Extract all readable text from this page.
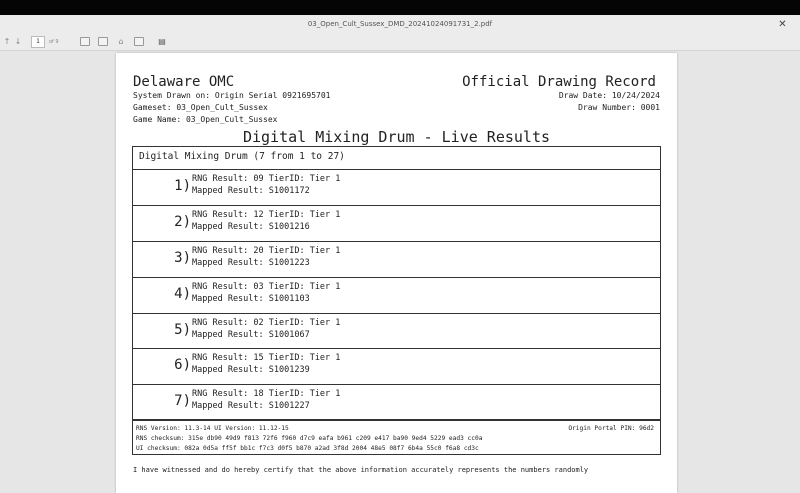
03_Open_Cult_Sussex_DMD_20241024091731_2.pdf	✕
↑ ↓	1	of 9	⌂	▤
Delaware OMC	Official Drawing Record
System Drawn on: Origin Serial 0921695701
Gameset: 03_Open_Cult_Sussex
Game Name: 03_Open_Cult_Sussex
Draw Date: 10/24/2024
Draw Number: 0001
Digital Mixing Drum - Live Results
Digital Mixing Drum (7 from 1 to 27)
1) RNG Result: 09 TierID: Tier 1
Mapped Result: S1001172
2) RNG Result: 12 TierID: Tier 1
Mapped Result: S1001216
3) RNG Result: 20 TierID: Tier 1
Mapped Result: S1001223
4) RNG Result: 03 TierID: Tier 1
Mapped Result: S1001103
5) RNG Result: 02 TierID: Tier 1
Mapped Result: S1001067
6) RNG Result: 15 TierID: Tier 1
Mapped Result: S1001239
7) RNG Result: 18 TierID: Tier 1
Mapped Result: S1001227
RNS Version: 11.3-14 UI Version: 11.12-15	Origin Portal PIN: 96d2
RNS checksum: 315e db90 49d9 f813 72f6 f960 d7c9 eafa b961 c209 e417 ba90 9ed4 5229 ead3 cc0a
UI checksum: 082a 0d5a ff5f bb1c f7c3 d0f5 b870 a2ad 3f8d 2004 48e5 08f7 6b4a 55c0 f6a8 cd3c
I have witnessed and do hereby certify that the above information accurately represents the numbers randomly
